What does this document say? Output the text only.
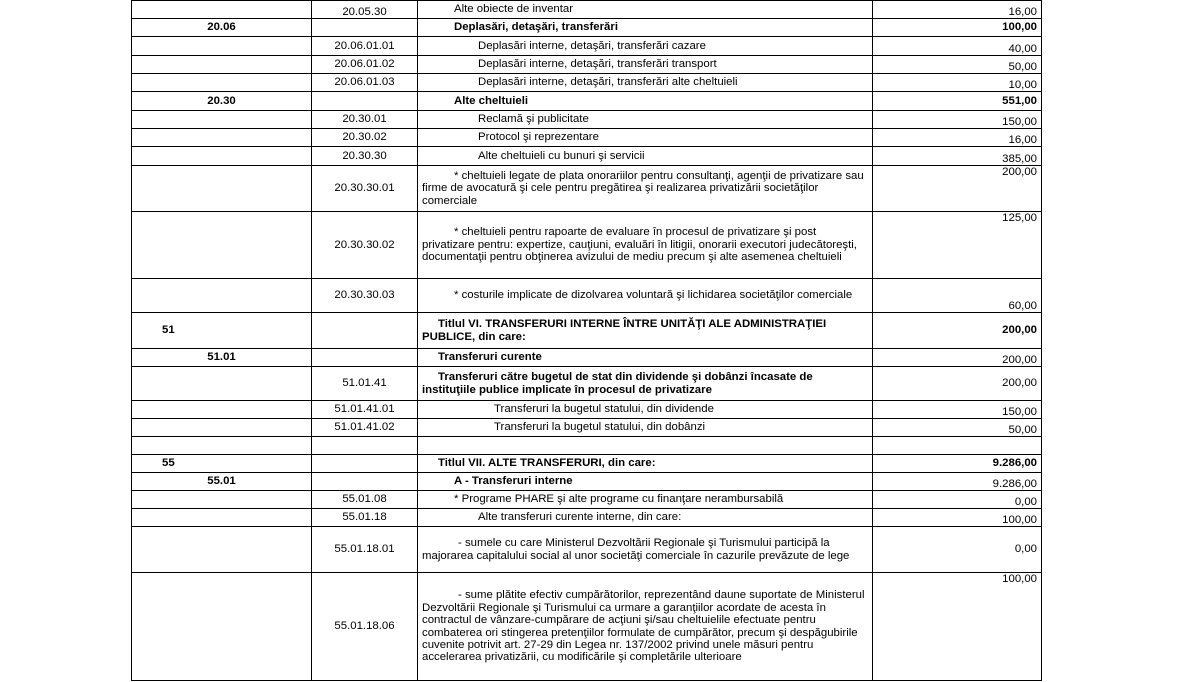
	20.05.30	Alte obiecte de inventar	16,00
20.06		Deplasări, detaşări, transferări	100,00
	20.06.01.01	Deplasări interne, detaşări, transferări cazare	40,00
	20.06.01.02	Deplasări interne, detaşări, transferări transport	50,00
	20.06.01.03	Deplasări interne, detaşări, transferări alte cheltuieli	10,00
20.30		Alte cheltuieli	551,00
	20.30.01	Reclamă şi publicitate	150,00
	20.30.02	Protocol şi reprezentare	16,00
	20.30.30	Alte cheltuieli cu bunuri şi servicii	385,00
	20.30.30.01	* cheltuieli legate de plata onorariilor pentru consultanţi, agenţii de privatizare sau firme de avocatură şi cele pentru pregătirea şi realizarea privatizării societăţilor comerciale	200,00
	20.30.30.02	* cheltuieli pentru rapoarte de evaluare în procesul de privatizare şi post privatizare pentru: expertize, cauţiuni, evaluări în litigii, onorarii executori judecătoreşti, documentaţii pentru obţinerea avizului de mediu precum şi alte asemenea cheltuieli	125,00
	20.30.30.03	* costurile implicate de dizolvarea voluntară şi lichidarea societăţilor comerciale	60,00
51		Titlul VI. TRANSFERURI INTERNE ÎNTRE UNITĂŢI ALE ADMINISTRAŢIEI PUBLICE, din care:	200,00
51.01		Transferuri curente	200,00
	51.01.41	Transferuri către bugetul de stat din dividende şi dobânzi încasate de instituţiile publice implicate în procesul de privatizare	200,00
	51.01.41.01	Transferuri la bugetul statului, din dividende	150,00
	51.01.41.02	Transferuri la bugetul statului, din dobânzi	50,00

55		Titlul VII. ALTE TRANSFERURI, din care:	9.286,00
55.01		A - Transferuri interne	9.286,00
	55.01.08	* Programe PHARE şi alte programe cu finanţare nerambursabilă	0,00
	55.01.18	Alte transferuri curente interne, din care:	100,00
	55.01.18.01	- sumele cu care Ministerul Dezvoltării Regionale şi Turismului participă la majorarea capitalului social al unor societăţi comerciale în cazurile prevăzute de lege	0,00
	55.01.18.06	- sume plătite efectiv cumpărătorilor, reprezentând daune suportate de Ministerul Dezvoltării Regionale şi Turismului ca urmare a garanţiilor acordate de acesta în contractul de vânzare-cumpărare de acţiuni şi/sau cheltuielile efectuate pentru combaterea ori stingerea pretenţiilor formulate de cumpărător, precum şi despăgubirile cuvenite potrivit art. 27-29 din Legea nr. 137/2002 privind unele măsuri pentru accelerarea privatizării, cu modificările şi completările ulterioare	100,00
